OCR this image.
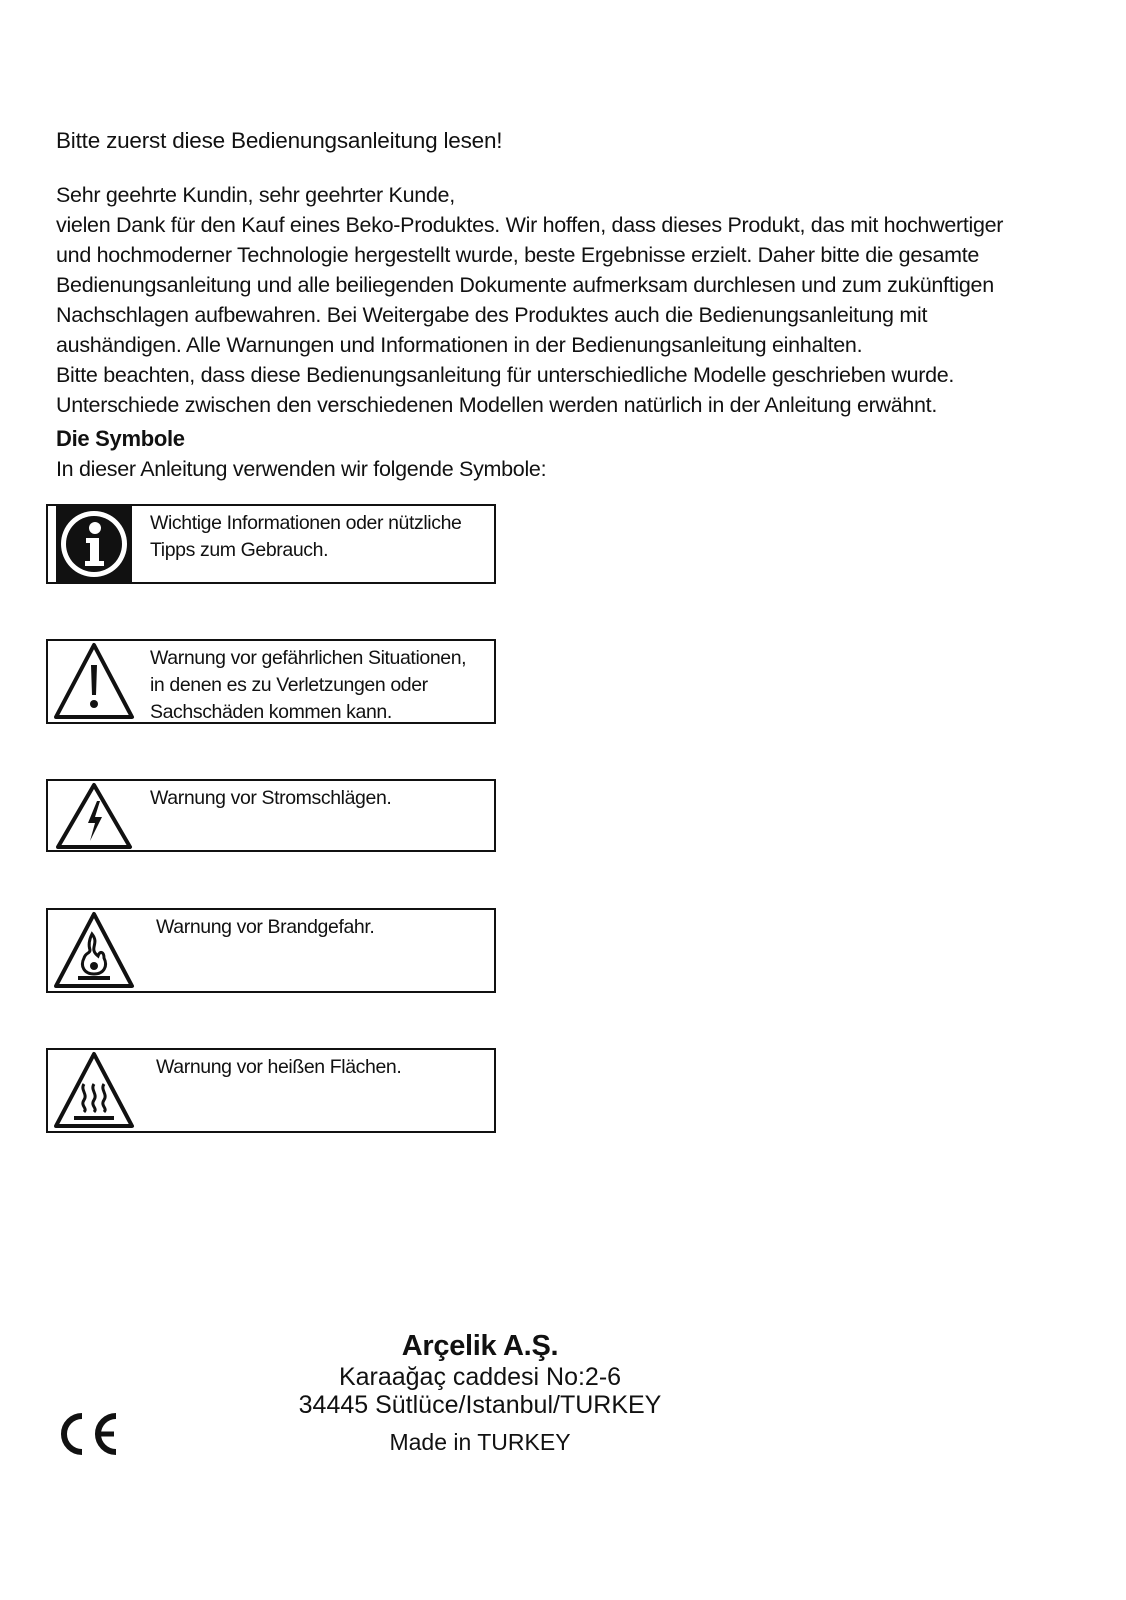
Bitte zuerst diese Bedienungsanleitung lesen!

Sehr geehrte Kundin, sehr geehrter Kunde,

vielen Dank für den Kauf eines Beko-Produktes. Wir hoffen, dass dieses Produkt, das mit hochwertiger

und hochmoderner Technologie hergestellt wurde, beste Ergebnisse erzielt. Daher bitte die gesamte

Bedienungsanleitung und alle beiliegenden Dokumente aufmerksam durchlesen und zum zukünftigen

Nachschlagen aufbewahren. Bei Weitergabe des Produktes auch die Bedienungsanleitung mit

aushändigen. Alle Warnungen und Informationen in der Bedienungsanleitung einhalten.

Bitte beachten, dass diese Bedienungsanleitung für unterschiedliche Modelle geschrieben wurde.

Unterschiede zwischen den verschiedenen Modellen werden natürlich in der Anleitung erwähnt.

Die Symbole
In dieser Anleitung verwenden wir folgende Symbole:
Wichtige Informationen oder nützliche
Tipps zum Gebrauch.
Warnung vor gefährlichen Situationen,
in denen es zu Verletzungen oder
Sachschäden kommen kann.
Warnung vor Stromschlägen.
Warnung vor Brandgefahr.
Warnung vor heißen Flächen.
Arçelik A.Ş.
Karaağaç caddesi No:2-6
34445 Sütlüce/Istanbul/TURKEY
Made in TURKEY
